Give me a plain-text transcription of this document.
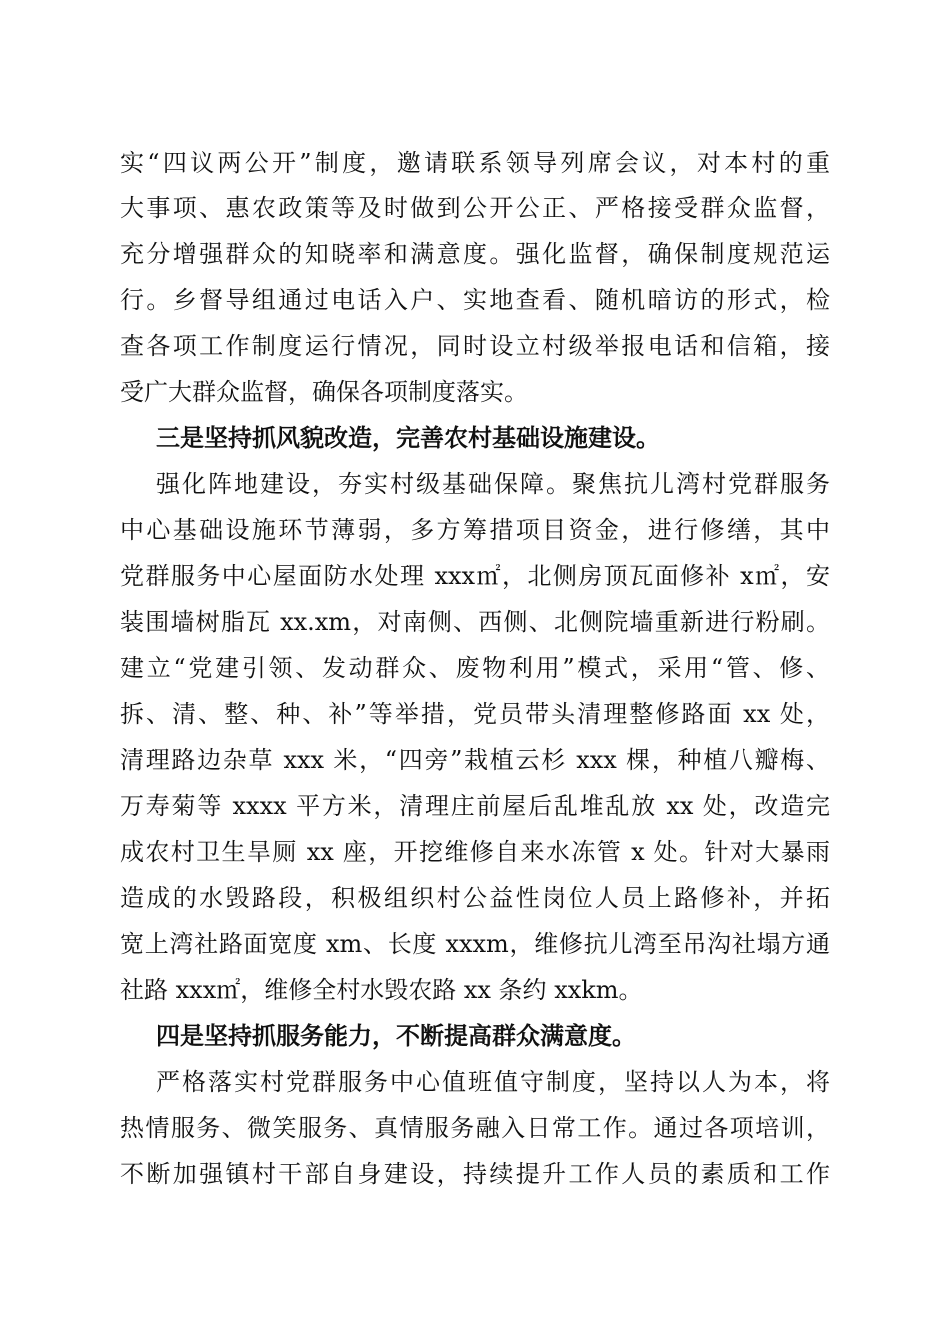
实“四议两公开”制度，邀请联系领导列席会议，对本村的重
大事项、惠农政策等及时做到公开公正、严格接受群众监督，
充分增强群众的知晓率和满意度。强化监督，确保制度规范运
行。乡督导组通过电话入户、实地查看、随机暗访的形式，检
查各项工作制度运行情况，同时设立村级举报电话和信箱，接
受广大群众监督，确保各项制度落实。
三是坚持抓风貌改造，完善农村基础设施建设。
强化阵地建设，夯实村级基础保障。聚焦抗儿湾村党群服务
中心基础设施环节薄弱，多方筹措项目资金，进行修缮，其中
党群服务中心屋面防水处理 xxx㎡，北侧房顶瓦面修补 x㎡，安
装围墙树脂瓦 xx.xm，对南侧、西侧、北侧院墙重新进行粉刷。
建立“党建引领、发动群众、废物利用”模式，采用“管、修、
拆、清、整、种、补”等举措，党员带头清理整修路面 xx 处，
清理路边杂草 xxx 米，“四旁”栽植云杉 xxx 棵，种植八瓣梅、
万寿菊等 xxxx 平方米，清理庄前屋后乱堆乱放 xx 处，改造完
成农村卫生旱厕 xx 座，开挖维修自来水冻管 x 处。针对大暴雨
造成的水毁路段，积极组织村公益性岗位人员上路修补，并拓
宽上湾社路面宽度 xm、长度 xxxm，维修抗儿湾至吊沟社塌方通
社路 xxx㎡，维修全村水毁农路 xx 条约 xxkm。
四是坚持抓服务能力，不断提高群众满意度。
严格落实村党群服务中心值班值守制度，坚持以人为本，将
热情服务、微笑服务、真情服务融入日常工作。通过各项培训，
不断加强镇村干部自身建设，持续提升工作人员的素质和工作
